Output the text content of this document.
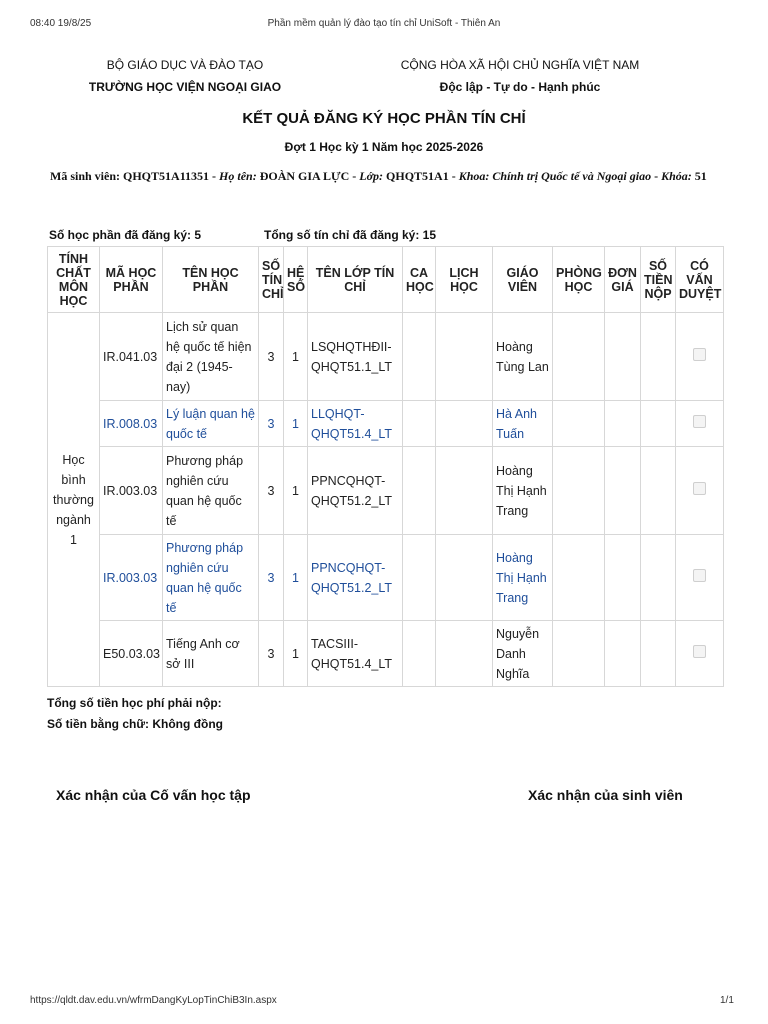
08:40 19/8/25	Phần mềm quản lý đào tạo tín chỉ UniSoft - Thiên An
BỘ GIÁO DỤC VÀ ĐÀO TẠO
TRƯỜNG HỌC VIỆN NGOẠI GIAO
CỘNG HÒA XÃ HỘI CHỦ NGHĨA VIỆT NAM
Độc lập - Tự do - Hạnh phúc
KẾT QUẢ ĐĂNG KÝ HỌC PHẦN TÍN CHỈ
Đợt 1 Học kỳ 1 Năm học 2025-2026
Mã sinh viên: QHQT51A11351 - Họ tên: ĐOÀN GIA LỰC - Lớp: QHQT51A1 - Khoa: Chính trị Quốc tế và Ngoại giao - Khóa: 51
Số học phần đã đăng ký: 5	Tổng số tín chỉ đã đăng ký: 15
TÍNH CHẤT MÔN HỌC	MÃ HỌC PHẦN	TÊN HỌC PHẦN	SỐ TÍN CHỈ	HỆ SỐ	TÊN LỚP TÍN CHỈ	CA HỌC	LỊCH HỌC	GIÁO VIÊN	PHÒNG HỌC	ĐƠN GIÁ	SỐ TIỀN NỘP	CÓ VẤN DUYỆT
Học bình thường ngành 1	IR.041.03	Lịch sử quan hệ quốc tế hiện đại 2 (1945-nay)	3	1	LSQHQTHĐII-QHQT51.1_LT			Hoàng Tùng Lan				
	IR.008.03	Lý luận quan hệ quốc tế	3	1	LLQHQT-QHQT51.4_LT			Hà Anh Tuấn				
	IR.003.03	Phương pháp nghiên cứu quan hệ quốc tế	3	1	PPNCQHQT-QHQT51.2_LT			Hoàng Thị Hạnh Trang				
	IR.003.03	Phương pháp nghiên cứu quan hệ quốc tế	3	1	PPNCQHQT-QHQT51.2_LT			Hoàng Thị Hạnh Trang				
	E50.03.03	Tiếng Anh cơ sở III	3	1	TACSIII-QHQT51.4_LT			Nguyễn Danh Nghĩa				
Tổng số tiền học phí phải nộp:
Số tiền bằng chữ: Không đồng
Xác nhận của Cố vấn học tập	Xác nhận của sinh viên
https://qldt.dav.edu.vn/wfrmDangKyLopTinChiB3In.aspx	1/1
